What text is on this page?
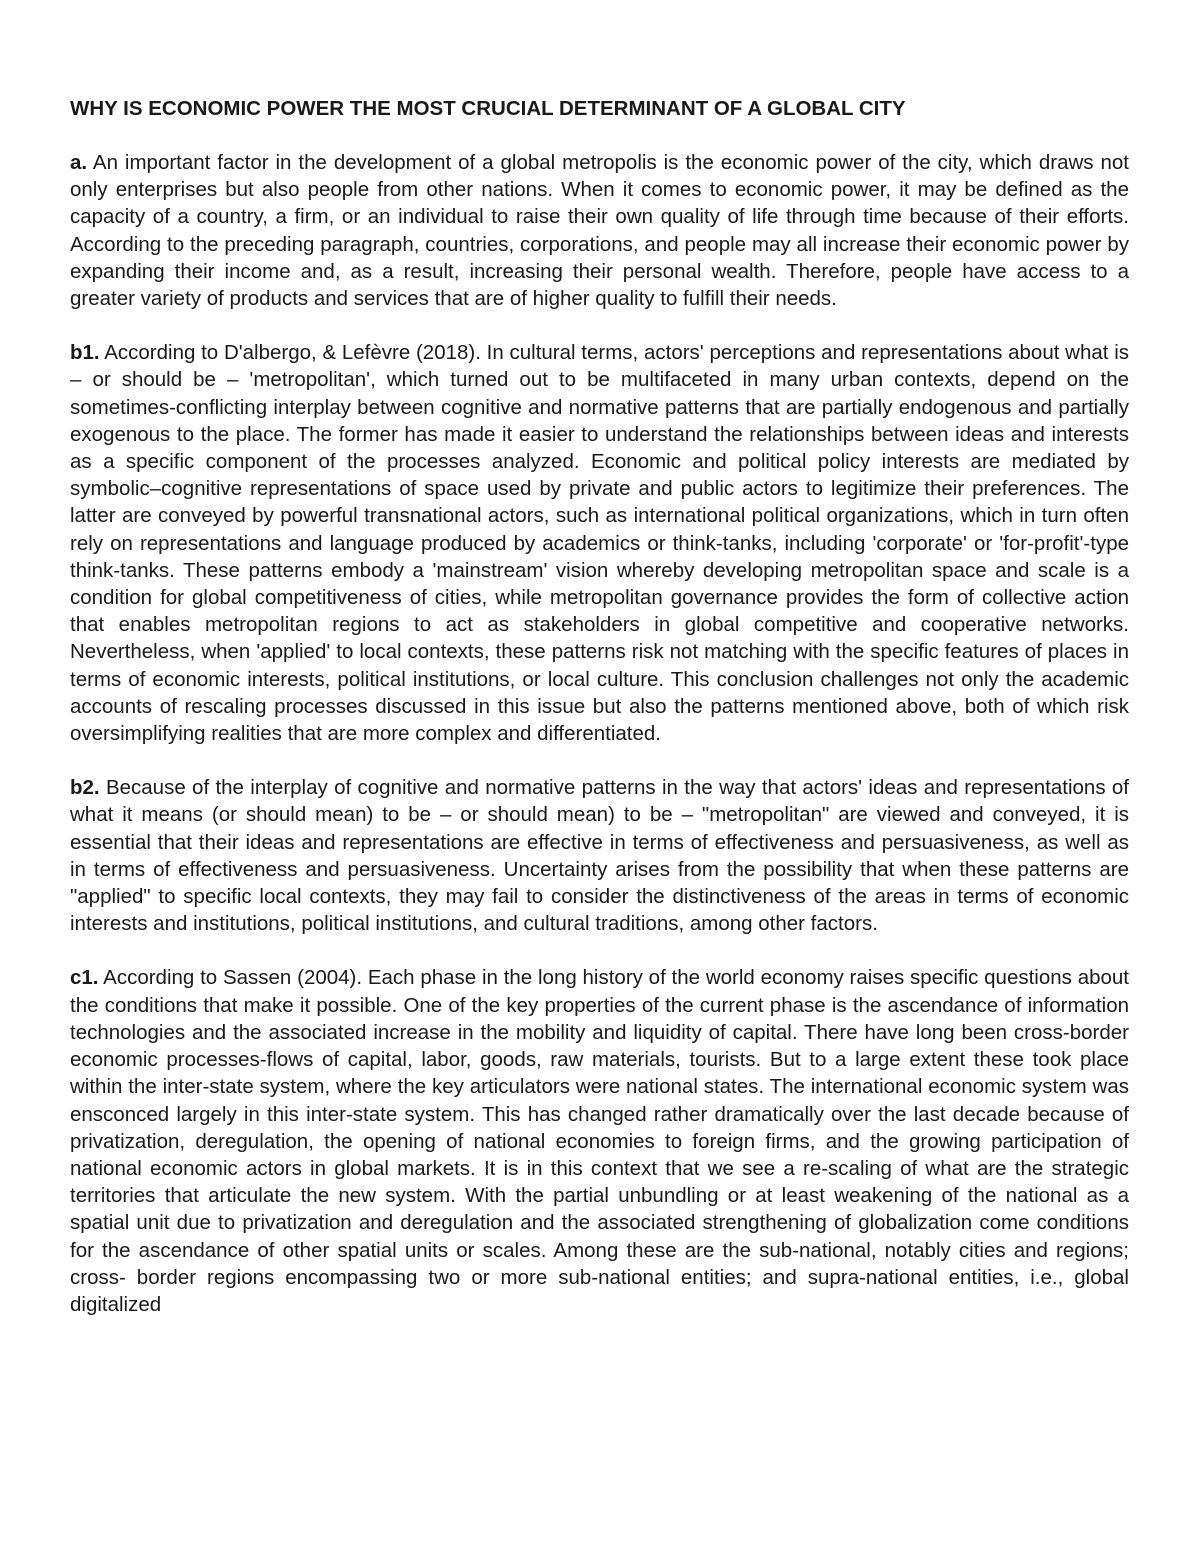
WHY IS ECONOMIC POWER THE MOST CRUCIAL DETERMINANT OF A GLOBAL CITY

a. An important factor in the development of a global metropolis is the economic power of the city, which draws not only enterprises but also people from other nations. When it comes to economic power, it may be defined as the capacity of a country, a firm, or an individual to raise their own quality of life through time because of their efforts. According to the preceding paragraph, countries, corporations, and people may all increase their economic power by expanding their income and, as a result, increasing their personal wealth. Therefore, people have access to a greater variety of products and services that are of higher quality to fulfill their needs.

b1. According to D'albergo, & Lefèvre (2018). In cultural terms, actors' perceptions and representations about what is – or should be – 'metropolitan', which turned out to be multifaceted in many urban contexts, depend on the sometimes-conflicting interplay between cognitive and normative patterns that are partially endogenous and partially exogenous to the place. The former has made it easier to understand the relationships between ideas and interests as a specific component of the processes analyzed. Economic and political policy interests are mediated by symbolic–cognitive representations of space used by private and public actors to legitimize their preferences. The latter are conveyed by powerful transnational actors, such as international political organizations, which in turn often rely on representations and language produced by academics or think-tanks, including 'corporate' or 'for-profit'-type think-tanks. These patterns embody a 'mainstream' vision whereby developing metropolitan space and scale is a condition for global competitiveness of cities, while metropolitan governance provides the form of collective action that enables metropolitan regions to act as stakeholders in global competitive and cooperative networks. Nevertheless, when 'applied' to local contexts, these patterns risk not matching with the specific features of places in terms of economic interests, political institutions, or local culture. This conclusion challenges not only the academic accounts of rescaling processes discussed in this issue but also the patterns mentioned above, both of which risk oversimplifying realities that are more complex and differentiated.

b2. Because of the interplay of cognitive and normative patterns in the way that actors' ideas and representations of what it means (or should mean) to be – or should mean) to be – "metropolitan" are viewed and conveyed, it is essential that their ideas and representations are effective in terms of effectiveness and persuasiveness, as well as in terms of effectiveness and persuasiveness. Uncertainty arises from the possibility that when these patterns are "applied" to specific local contexts, they may fail to consider the distinctiveness of the areas in terms of economic interests and institutions, political institutions, and cultural traditions, among other factors.

c1. According to Sassen (2004). Each phase in the long history of the world economy raises specific questions about the conditions that make it possible. One of the key properties of the current phase is the ascendance of information technologies and the associated increase in the mobility and liquidity of capital. There have long been cross-border economic processes-flows of capital, labor, goods, raw materials, tourists. But to a large extent these took place within the inter-state system, where the key articulators were national states. The international economic system was ensconced largely in this inter-state system. This has changed rather dramatically over the last decade because of privatization, deregulation, the opening of national economies to foreign firms, and the growing participation of national economic actors in global markets. It is in this context that we see a re-scaling of what are the strategic territories that articulate the new system. With the partial unbundling or at least weakening of the national as a spatial unit due to privatization and deregulation and the associated strengthening of globalization come conditions for the ascendance of other spatial units or scales. Among these are the sub-national, notably cities and regions; cross- border regions encompassing two or more sub-national entities; and supra-national entities, i.e., global digitalized
